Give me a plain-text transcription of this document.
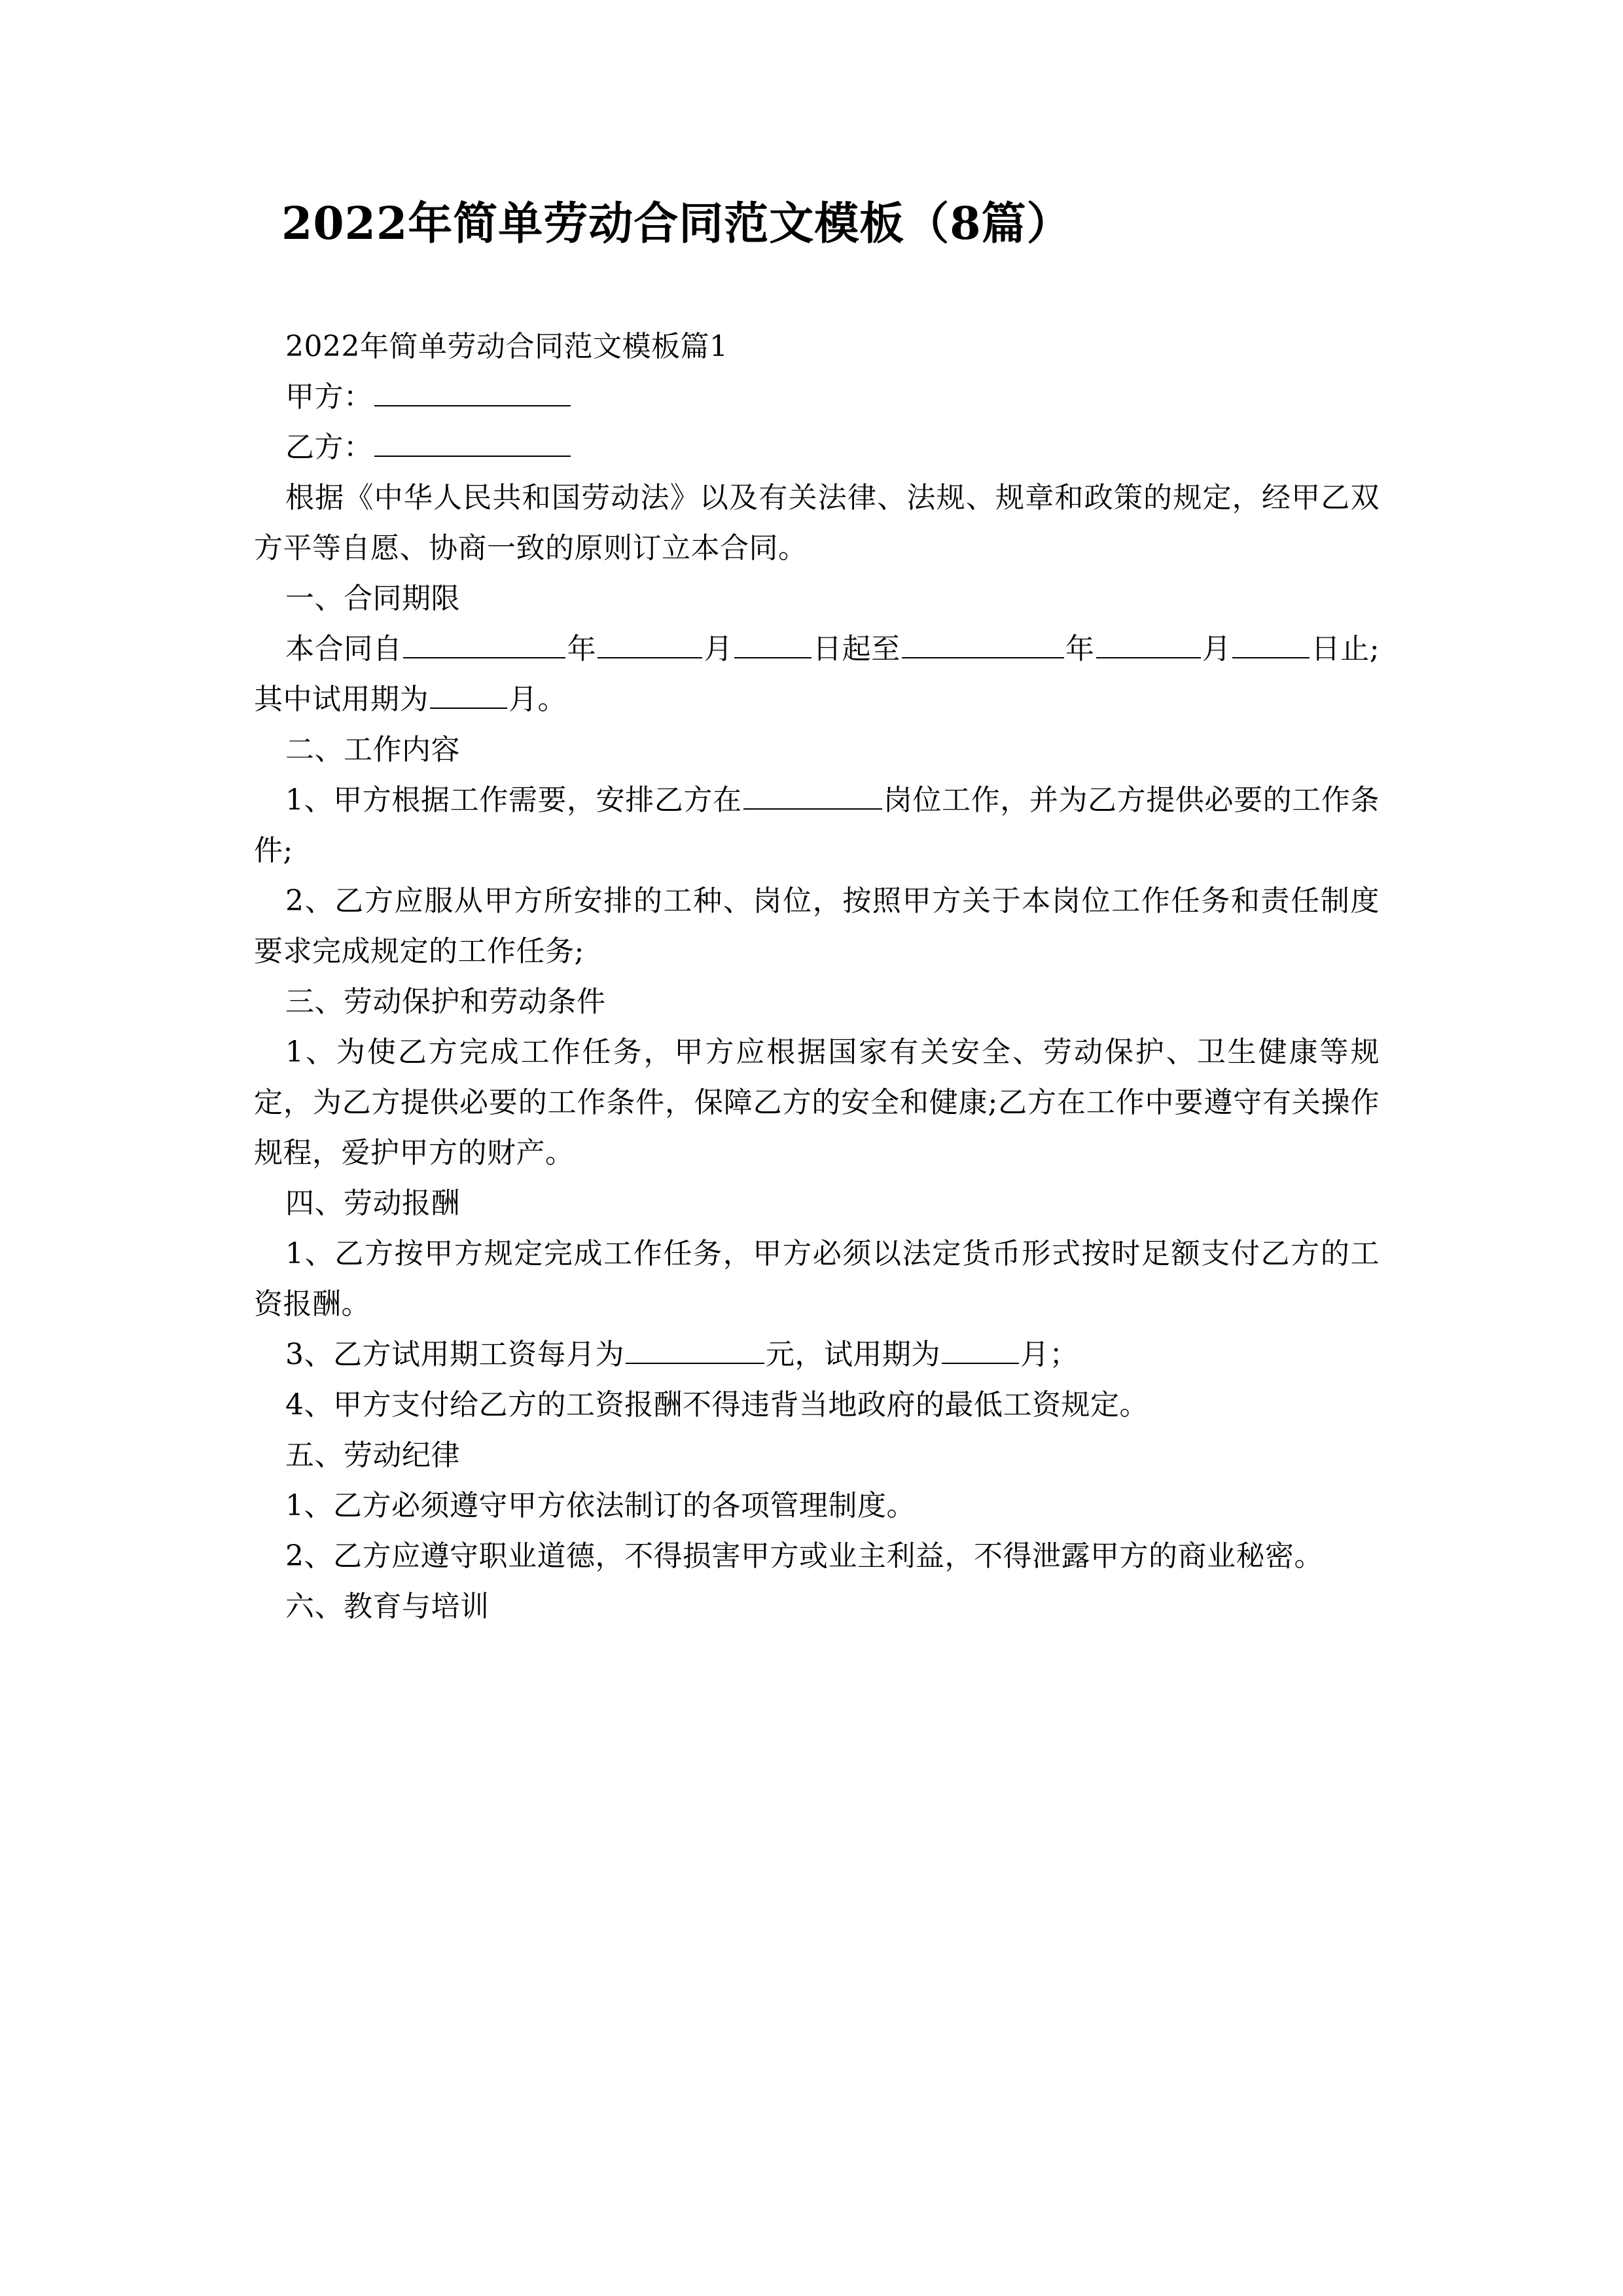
2022年简单劳动合同范文模板（8篇）

2022年简单劳动合同范文模板篇1

甲方：

乙方：

根据《中华人民共和国劳动法》以及有关法律、法规、规章和政策的规定，经甲乙双方平等自愿、协商一致的原则订立本合同。

一、合同期限

本合同自	年	月	日起至	年	月	日止;其中试用期为	月。

二、工作内容

1、甲方根据工作需要，安排乙方在	岗位工作，并为乙方提供必要的工作条件;

2、乙方应服从甲方所安排的工种、岗位，按照甲方关于本岗位工作任务和责任制度要求完成规定的工作任务;

三、劳动保护和劳动条件

1、为使乙方完成工作任务，甲方应根据国家有关安全、劳动保护、卫生健康等规定，为乙方提供必要的工作条件，保障乙方的安全和健康;乙方在工作中要遵守有关操作规程，爱护甲方的财产。

四、劳动报酬

1、乙方按甲方规定完成工作任务，甲方必须以法定货币形式按时足额支付乙方的工资报酬。

3、乙方试用期工资每月为	元，试用期为	月；

4、甲方支付给乙方的工资报酬不得违背当地政府的最低工资规定。

五、劳动纪律

1、乙方必须遵守甲方依法制订的各项管理制度。

2、乙方应遵守职业道德，不得损害甲方或业主利益，不得泄露甲方的商业秘密。

六、教育与培训
